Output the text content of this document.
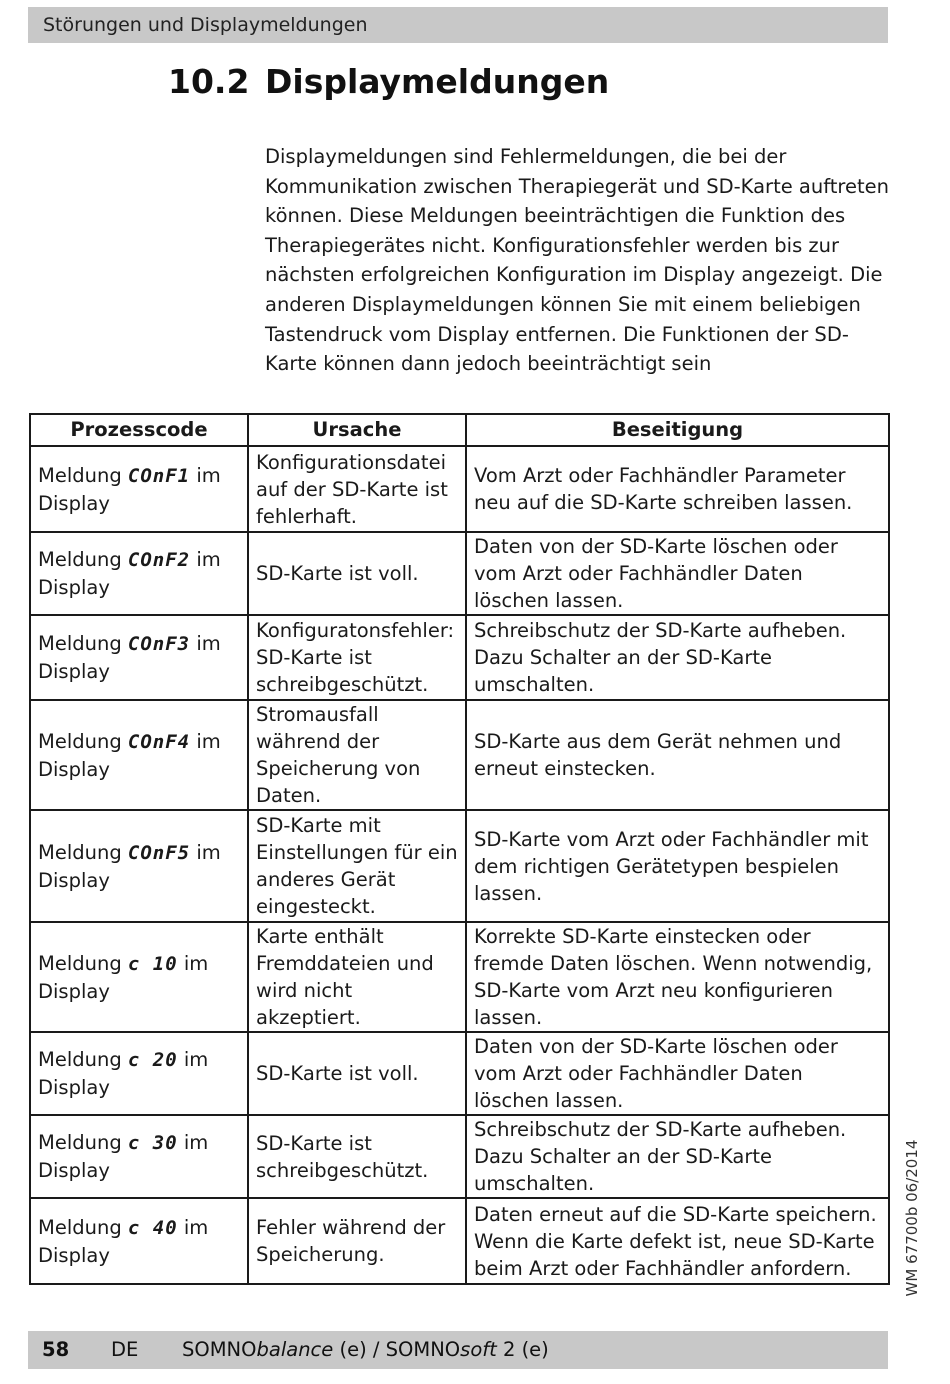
Störungen und Displaymeldungen
10.2 Displaymeldungen

Displaymeldungen sind Fehlermeldungen, die bei der Kommunikation zwischen Therapiegerät und SD-Karte auftreten können. Diese Meldungen beeinträchtigen die Funktion des Therapiegerätes nicht. Konfigurationsfehler werden bis zur nächsten erfolgreichen Konfiguration im Display angezeigt. Die anderen Displaymeldungen können Sie mit einem beliebigen Tastendruck vom Display entfernen. Die Funktionen der SD-Karte können dann jedoch beeinträchtigt sein

Prozesscode	Ursache	Beseitigung
Meldung COnF1 im Display	Konfigurationsdatei auf der SD-Karte ist fehlerhaft.	Vom Arzt oder Fachhändler Parameter neu auf die SD-Karte schreiben lassen.
Meldung COnF2 im Display	SD-Karte ist voll.	Daten von der SD-Karte löschen oder vom Arzt oder Fachhändler Daten löschen lassen.
Meldung COnF3 im Display	Konfiguratonsfehler: SD-Karte ist schreibgeschützt.	Schreibschutz der SD-Karte aufheben. Dazu Schalter an der SD-Karte umschalten.
Meldung COnF4 im Display	Stromausfall während der Speicherung von Daten.	SD-Karte aus dem Gerät nehmen und erneut einstecken.
Meldung COnF5 im Display	SD-Karte mit Einstellungen für ein anderes Gerät eingesteckt.	SD-Karte vom Arzt oder Fachhändler mit dem richtigen Gerätetypen bespielen lassen.
Meldung c 10 im Display	Karte enthält Fremddateien und wird nicht akzeptiert.	Korrekte SD-Karte einstecken oder fremde Daten löschen. Wenn notwendig, SD-Karte vom Arzt neu konfigurieren lassen.
Meldung c 20 im Display	SD-Karte ist voll.	Daten von der SD-Karte löschen oder vom Arzt oder Fachhändler Daten löschen lassen.
Meldung c 30 im Display	SD-Karte ist schreibgeschützt.	Schreibschutz der SD-Karte aufheben. Dazu Schalter an der SD-Karte umschalten.
Meldung c 40 im Display	Fehler während der Speicherung.	Daten erneut auf die SD-Karte speichern. Wenn die Karte defekt ist, neue SD-Karte beim Arzt oder Fachhändler anfordern.	WM 67700b 06/2014
58 DE SOMNObalance (e) / SOMNOsoft 2 (e)
